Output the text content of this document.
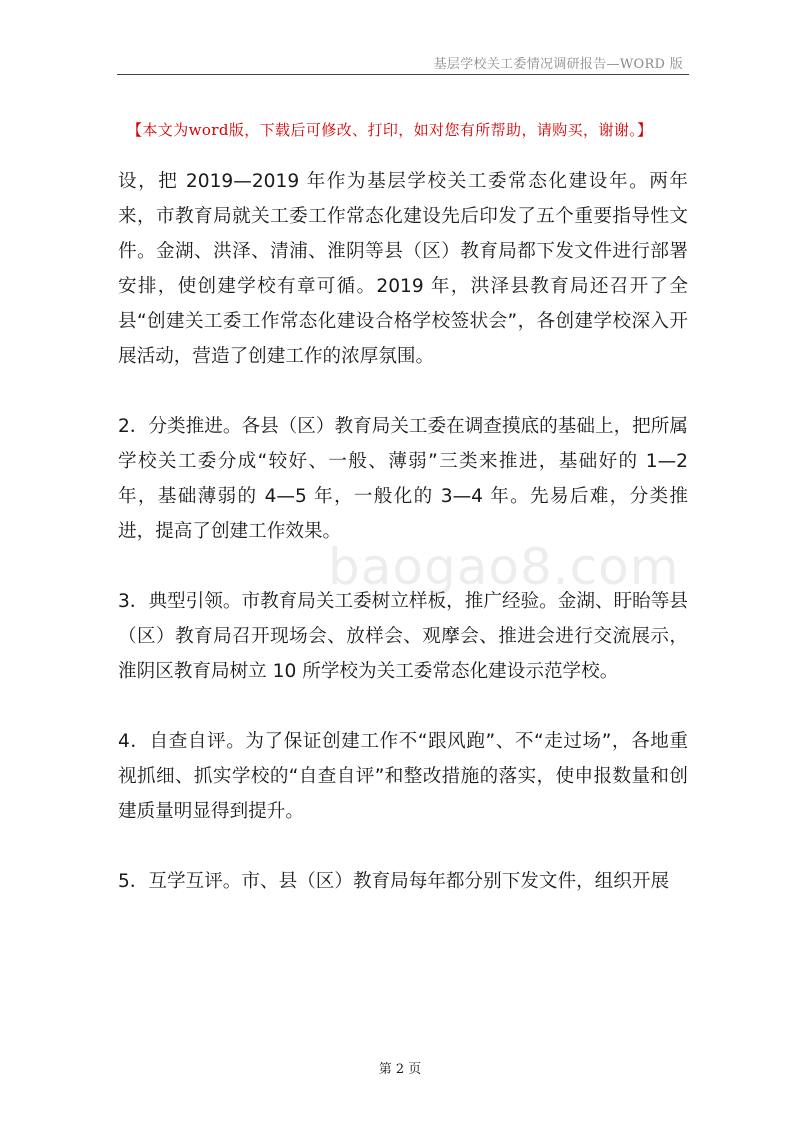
基层学校关工委情况调研报告—WORD 版
【本文为word版，下载后可修改、打印，如对您有所帮助，请购买，谢谢。】

设，把 2019—2019 年作为基层学校关工委常态化建设年。两年来，市教育局就关工委工作常态化建设先后印发了五个重要指导性文件。金湖、洪泽、清浦、淮阴等县（区）教育局都下发文件进行部署安排，使创建学校有章可循。2019 年，洪泽县教育局还召开了全县“创建关工委工作常态化建设合格学校签状会”，各创建学校深入开展活动，营造了创建工作的浓厚氛围。

2．分类推进。各县（区）教育局关工委在调查摸底的基础上，把所属学校关工委分成“较好、一般、薄弱”三类来推进，基础好的 1—2 年，基础薄弱的 4—5 年，一般化的 3—4 年。先易后难，分类推进，提高了创建工作效果。

3．典型引领。市教育局关工委树立样板，推广经验。金湖、盱眙等县（区）教育局召开现场会、放样会、观摩会、推进会进行交流展示，淮阴区教育局树立 10 所学校为关工委常态化建设示范学校。

4．自查自评。为了保证创建工作不“跟风跑”、不“走过场”，各地重视抓细、抓实学校的“自查自评”和整改措施的落实，使申报数量和创建质量明显得到提升。

5．互学互评。市、县（区）教育局每年都分别下发文件，组织开展

baogao8.com
第 2 页
